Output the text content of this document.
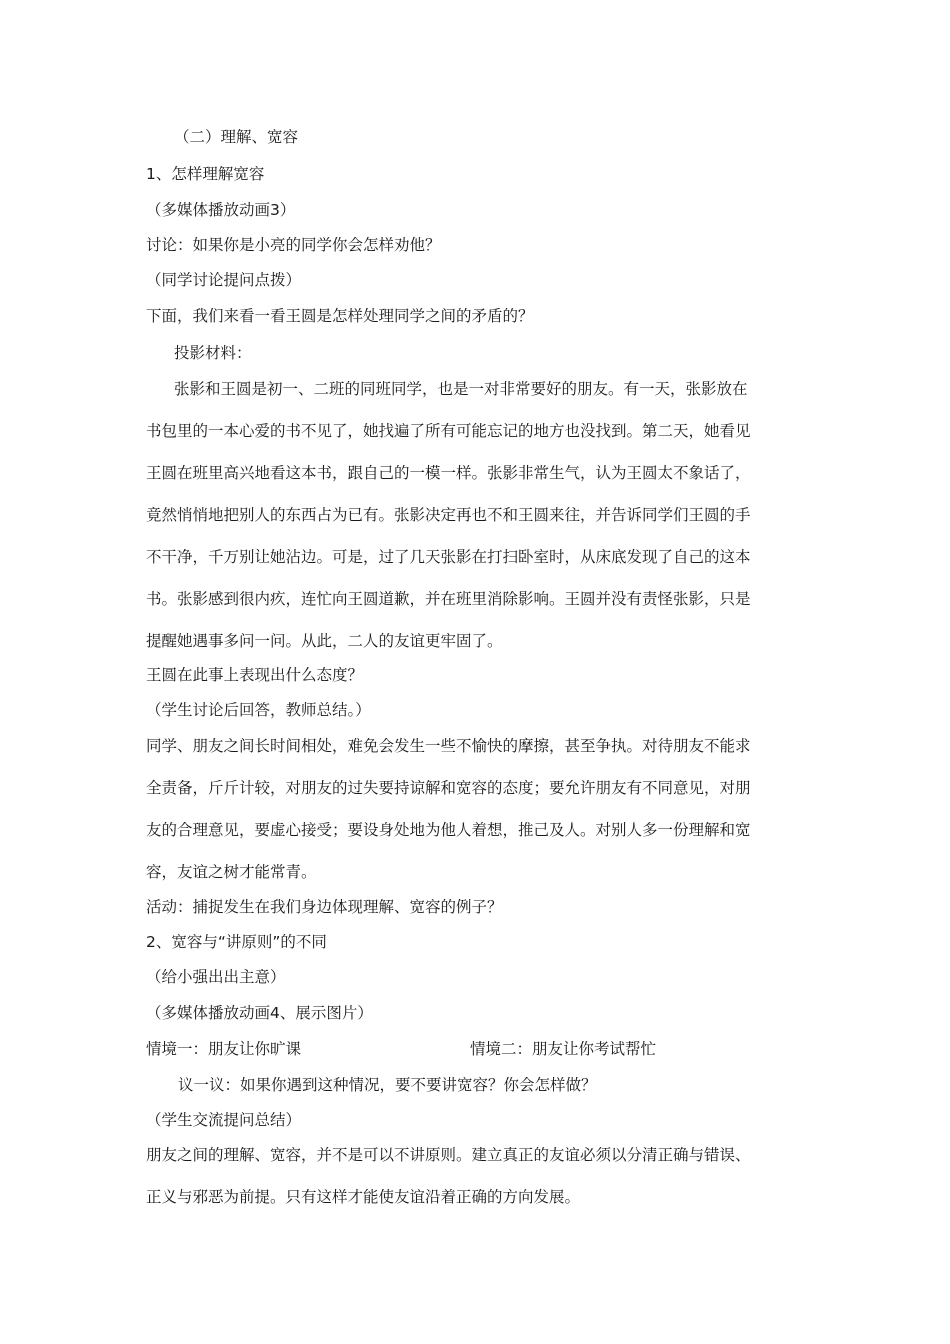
（二）理解、宽容
1、怎样理解宽容
（多媒体播放动画3）
讨论：如果你是小亮的同学你会怎样劝他？
（同学讨论提问点拨）
下面，我们来看一看王圆是怎样处理同学之间的矛盾的？
投影材料：
张影和王圆是初一、二班的同班同学，也是一对非常要好的朋友。有一天，张影放在
书包里的一本心爱的书不见了，她找遍了所有可能忘记的地方也没找到。第二天，她看见
王圆在班里高兴地看这本书，跟自己的一模一样。张影非常生气，认为王圆太不象话了，
竟然悄悄地把别人的东西占为已有。张影决定再也不和王圆来往，并告诉同学们王圆的手
不干净，千万别让她沾边。可是，过了几天张影在打扫卧室时，从床底发现了自己的这本
书。张影感到很内疚，连忙向王圆道歉，并在班里消除影响。王圆并没有责怪张影，只是
提醒她遇事多问一问。从此，二人的友谊更牢固了。
王圆在此事上表现出什么态度？
（学生讨论后回答，教师总结。）
同学、朋友之间长时间相处，难免会发生一些不愉快的摩擦，甚至争执。对待朋友不能求
全责备，斤斤计较，对朋友的过失要持谅解和宽容的态度；要允许朋友有不同意见，对朋
友的合理意见，要虚心接受；要设身处地为他人着想，推己及人。对别人多一份理解和宽
容，友谊之树才能常青。
活动：捕捉发生在我们身边体现理解、宽容的例子？
2、宽容与“讲原则”的不同
（给小强出出主意）
（多媒体播放动画4、展示图片）
情境一：朋友让你旷课	情境二：朋友让你考试帮忙
议一议：如果你遇到这种情况，要不要讲宽容？你会怎样做？
（学生交流提问总结）
朋友之间的理解、宽容，并不是可以不讲原则。建立真正的友谊必须以分清正确与错误、
正义与邪恶为前提。只有这样才能使友谊沿着正确的方向发展。
